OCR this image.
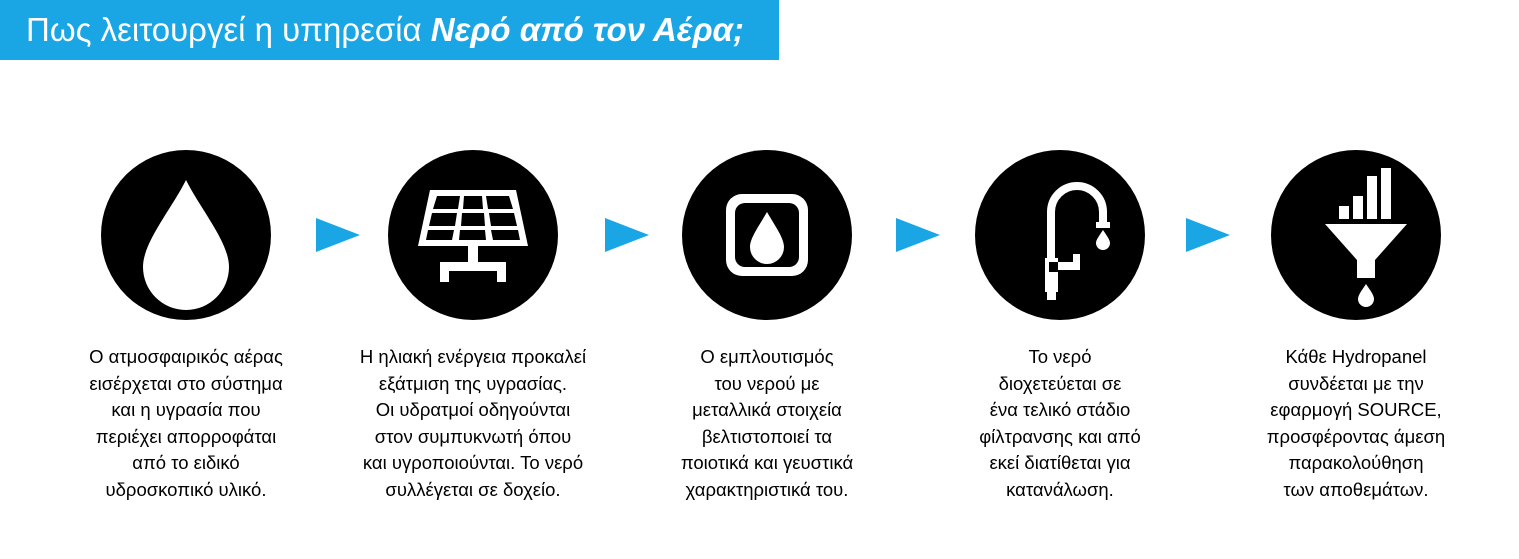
Πως λειτουργεί η υπηρεσία Νερό από τον Αέρα;
Ο ατμοσφαιρικός αέρας
εισέρχεται στο σύστημα
και η υγρασία που
περιέχει απορροφάται
από το ειδικό
υδροσκοπικό υλικό.
Η ηλιακή ενέργεια προκαλεί
εξάτμιση της υγρασίας.
Οι υδρατμοί οδηγούνται
στον συμπυκνωτή όπου
και υγροποιούνται. Το νερό
συλλέγεται σε δοχείο.
Ο εμπλουτισμός
του νερού με
μεταλλικά στοιχεία
βελτιστοποιεί τα
ποιοτικά και γευστικά
χαρακτηριστικά του.
Το νερό
διοχετεύεται σε
ένα τελικό στάδιο
φίλτρανσης και από
εκεί διατίθεται για
κατανάλωση.
Κάθε Hydropanel
συνδέεται με την
εφαρμογή SOURCE,
προσφέροντας άμεση
παρακολούθηση
των αποθεμάτων.
